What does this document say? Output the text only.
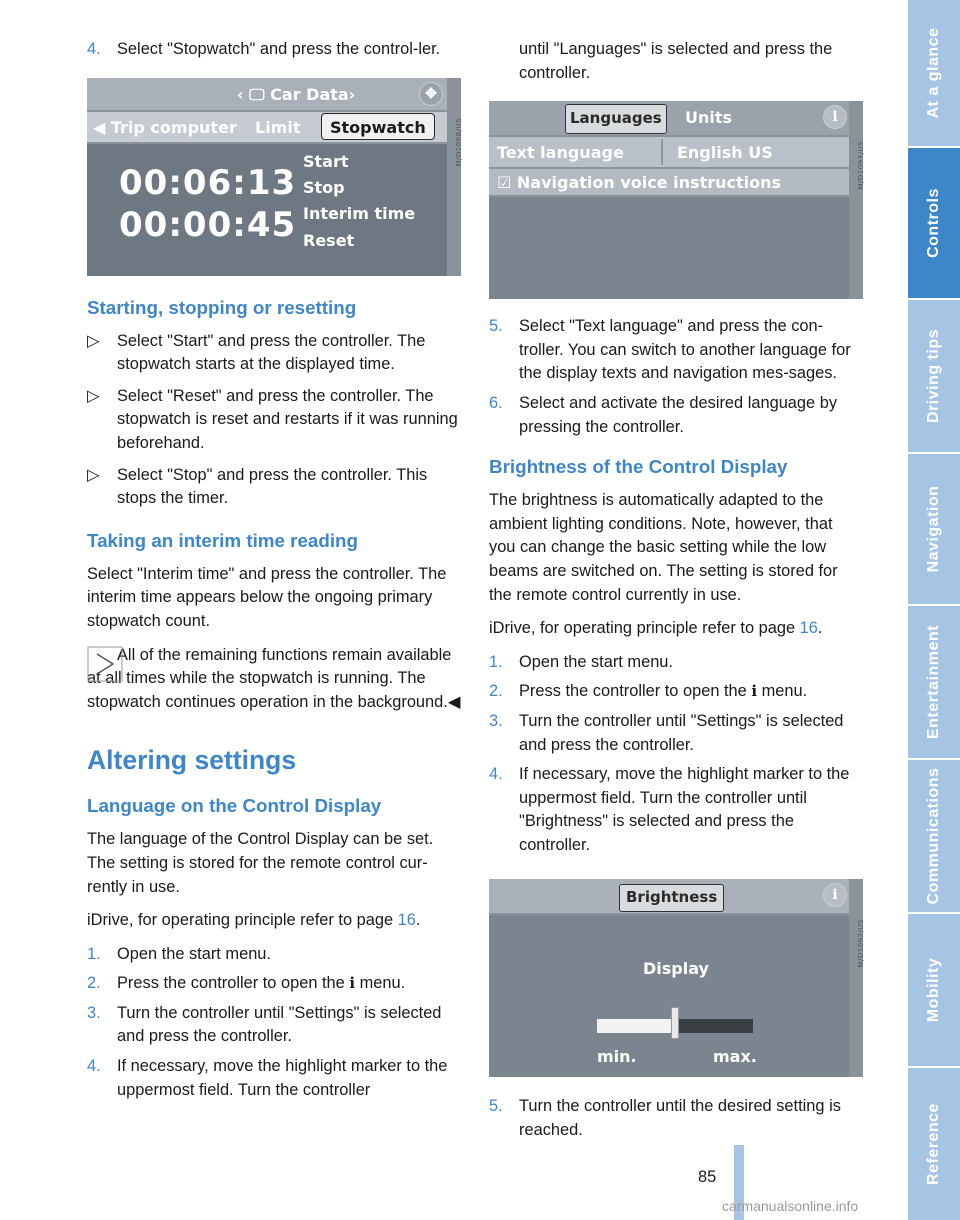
4. Select "Stopwatch" and press the control-ler.
‹ 🖵 Car Data›	✥
◀ Trip computer Limit	Stopwatch
00:06:13
00:00:45
Start
Stop
Interim time
Reset
M/D1098/US
Starting, stopping or resetting
▷ Select "Start" and press the controller. The stopwatch starts at the displayed time.
▷ Select "Reset" and press the controller. The stopwatch is reset and restarts if it was running beforehand.
▷ Select "Stop" and press the controller. This stops the timer.
Taking an interim time reading

Select "Interim time" and press the controller. The interim time appears below the ongoing primary stopwatch count.

All of the remaining functions remain available at all times while the stopwatch is running. The stopwatch continues operation in the background.◀

Altering settings
Language on the Control Display

The language of the Control Display can be set. The setting is stored for the remote control cur-rently in use.

iDrive, for operating principle refer to page 16.

1. Open the start menu.
2. Press the controller to open the i menu.
3. Turn the controller until "Settings" is selected and press the controller.
4. If necessary, move the highlight marker to the uppermost field. Turn the controller

until "Languages" is selected and press the controller.

Languages	Units	i
Text language	English US
☑ Navigation voice instructions	M/D1093/US
5. Select "Text language" and press the con-troller. You can switch to another language for the display texts and navigation mes-sages.
6. Select and activate the desired language by pressing the controller.
Brightness of the Control Display

The brightness is automatically adapted to the ambient lighting conditions. Note, however, that you can change the basic setting while the low beams are switched on. The setting is stored for the remote control currently in use.

iDrive, for operating principle refer to page 16.

1. Open the start menu.
2. Press the controller to open the i menu.
3. Turn the controller until "Settings" is selected and press the controller.
4. If necessary, move the highlight marker to the uppermost field. Turn the controller until "Brightness" is selected and press the controller.
Brightness	i
Display
min.	max.
M/D1092/US
5. Turn the controller until the desired setting is reached.
At a glance
Controls
Driving tips
Navigation
Entertainment
Communications
Mobility
Reference
85
carmanualsonline.info
